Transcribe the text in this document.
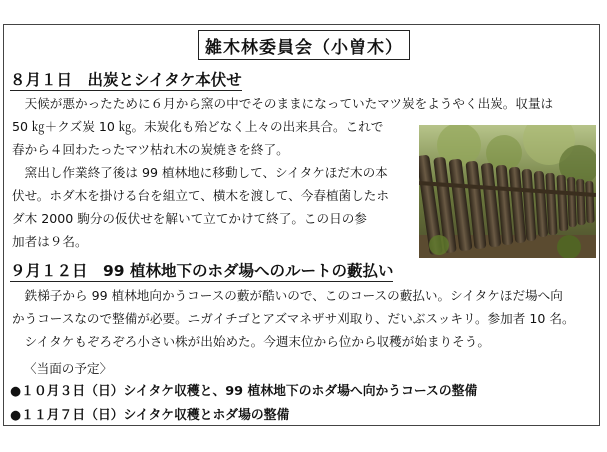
雑木林委員会（小曽木）
８月１日　出炭とシイタケ本伏せ
　天候が悪かったために６月から窯の中でそのままになっていたマツ炭をようやく出炭。収量は
50 ㎏＋クズ炭 10 ㎏。未炭化も殆どなく上々の出来具合。これで
春から４回わたったマツ枯れ木の炭焼きを終了。
　窯出し作業終了後は 99 植林地に移動して、シイタケほだ木の本
伏せ。ホダ木を掛ける台を組立て、横木を渡して、今春植菌したホ
ダ木 2000 駒分の仮伏せを解いて立てかけて終了。この日の参
加者は９名。
９月１２日　99 植林地下のホダ場へのルートの藪払い
　鉄梯子から 99 植林地向かうコースの藪が酷いので、このコースの藪払い。シイタケほだ場へ向
かうコースなので整備が必要。ニガイチゴとアズマネザサ刈取り、だいぶスッキリ。参加者 10 名。
　シイタケもぞろぞろ小さい株が出始めた。今週末位から位から収穫が始まりそう。
〈当面の予定〉
●１０月３日（日）シイタケ収穫と、99 植林地下のホダ場へ向かうコースの整備
●１１月７日（日）シイタケ収穫とホダ場の整備
